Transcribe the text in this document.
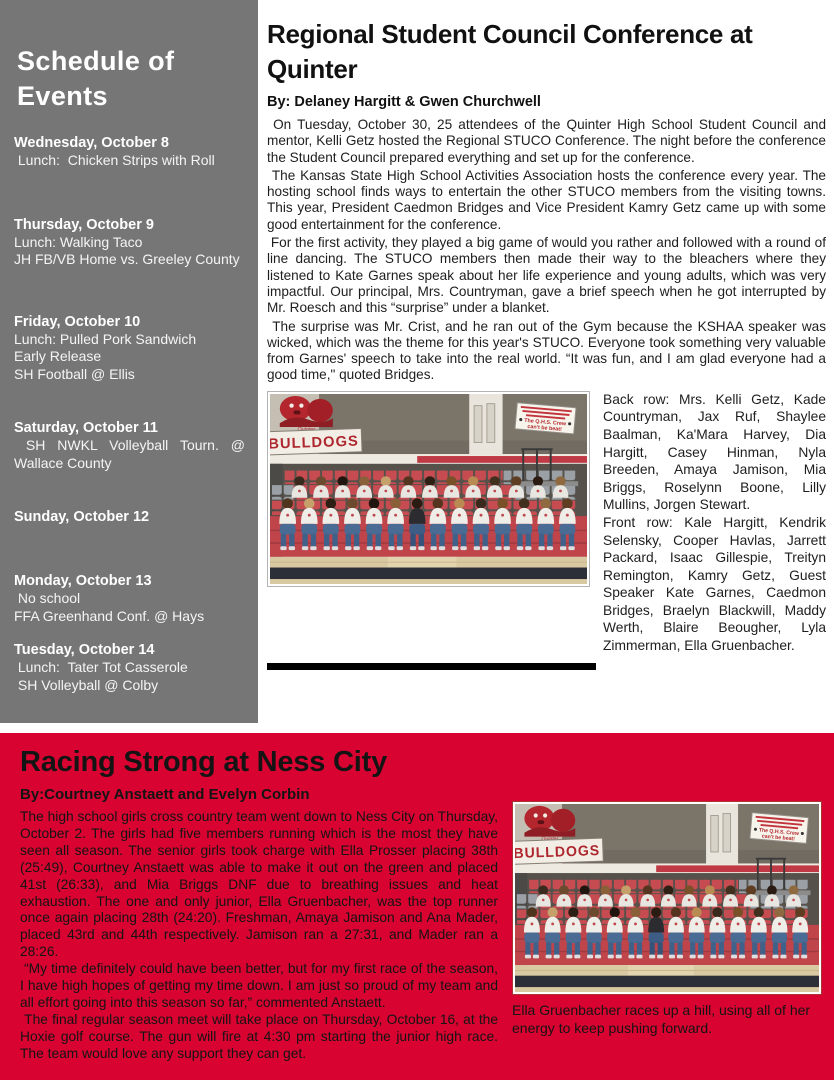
Schedule of Events
Wednesday, October 8
Lunch:  Chicken Strips with Roll
Thursday, October 9
Lunch: Walking Taco
JH FB/VB Home vs. Greeley County
Friday, October 10
Lunch: Pulled Pork Sandwich
Early Release
SH Football @ Ellis
Saturday, October 11
SH NWKL Volleyball Tourn. @ Wallace County
Sunday, October 12
Monday, October 13
No school
FFA Greenhand Conf. @ Hays
Tuesday, October 14
Lunch:  Tater Tot Casserole
SH Volleyball @ Colby
Regional Student Council Conference at Quinter
By: Delaney Hargitt & Gwen Churchwell

On Tuesday, October 30, 25 attendees of the Quinter High School Student Council and mentor, Kelli Getz hosted the Regional STUCO Conference. The night before the conference the Student Council prepared everything and set up for the conference.

The Kansas State High School Activities Association hosts the conference every year. The hosting school finds ways to entertain the other STUCO members from the visiting towns. This year, President Caedmon Bridges and Vice President Kamry Getz came up with some good entertainment for the conference.

For the first activity, they played a big game of would you rather and followed with a round of line dancing. The STUCO members then made their way to the bleachers where they listened to Kate Garnes speak about her life experience and young adults, which was very impactful. Our principal, Mrs. Countryman, gave a brief speech when he got interrupted by Mr. Roesch and this “surprise” under a blanket.

The surprise was Mr. Crist, and he ran out of the Gym because the KSHAA speaker was wicked, which was the theme for this year's STUCO. Everyone took something very valuable from Garnes' speech to take into the real world. “It was fun, and I am glad everyone had a good time," quoted Bridges.

Back row: Mrs. Kelli Getz, Kade Countryman, Jax Ruf, Shaylee Baalman, Ka'Mara Harvey, Dia Hargitt, Casey Hinman, Nyla Breeden, Amaya Jamison, Mia Briggs, Roselynn Boone, Lilly Mullins, Jorgen Stewart.

Front row: Kale Hargitt, Kendrik Selensky, Cooper Havlas, Jarrett Packard, Isaac Gillespie, Treityn Remington, Kamry Getz, Guest Speaker Kate Garnes, Caedmon Bridges, Braelyn Blackwill, Maddy Werth, Blaire Beougher, Lyla Zimmerman, Ella Gruenbacher.

Racing Strong at Ness City
By:Courtney Anstaett and Evelyn Corbin

The high school girls cross country team went down to Ness City on Thursday, October 2. The girls had five members running which is the most they have seen all season. The senior girls took charge with Ella Prosser placing 38th (25:49), Courtney Anstaett was able to make it out on the green and placed 41st (26:33), and Mia Briggs DNF due to breathing issues and heat exhaustion. The one and only junior, Ella Gruenbacher, was the top runner once again placing 28th (24:20). Freshman, Amaya Jamison and Ana Mader, placed 43rd and 44th respectively. Jamison ran a 27:31, and Mader ran a 28:26.

“My time definitely could have been better, but for my first race of the season, I have high hopes of getting my time down. I am just so proud of my team and all effort going into this season so far,” commented Anstaett.

The final regular season meet will take place on Thursday, October 16, at the Hoxie golf course. The gun will fire at 4:30 pm starting the junior high race. The team would love any support they can get.

Ella Gruenbacher races up a hill, using all of her energy to keep pushing forward.
